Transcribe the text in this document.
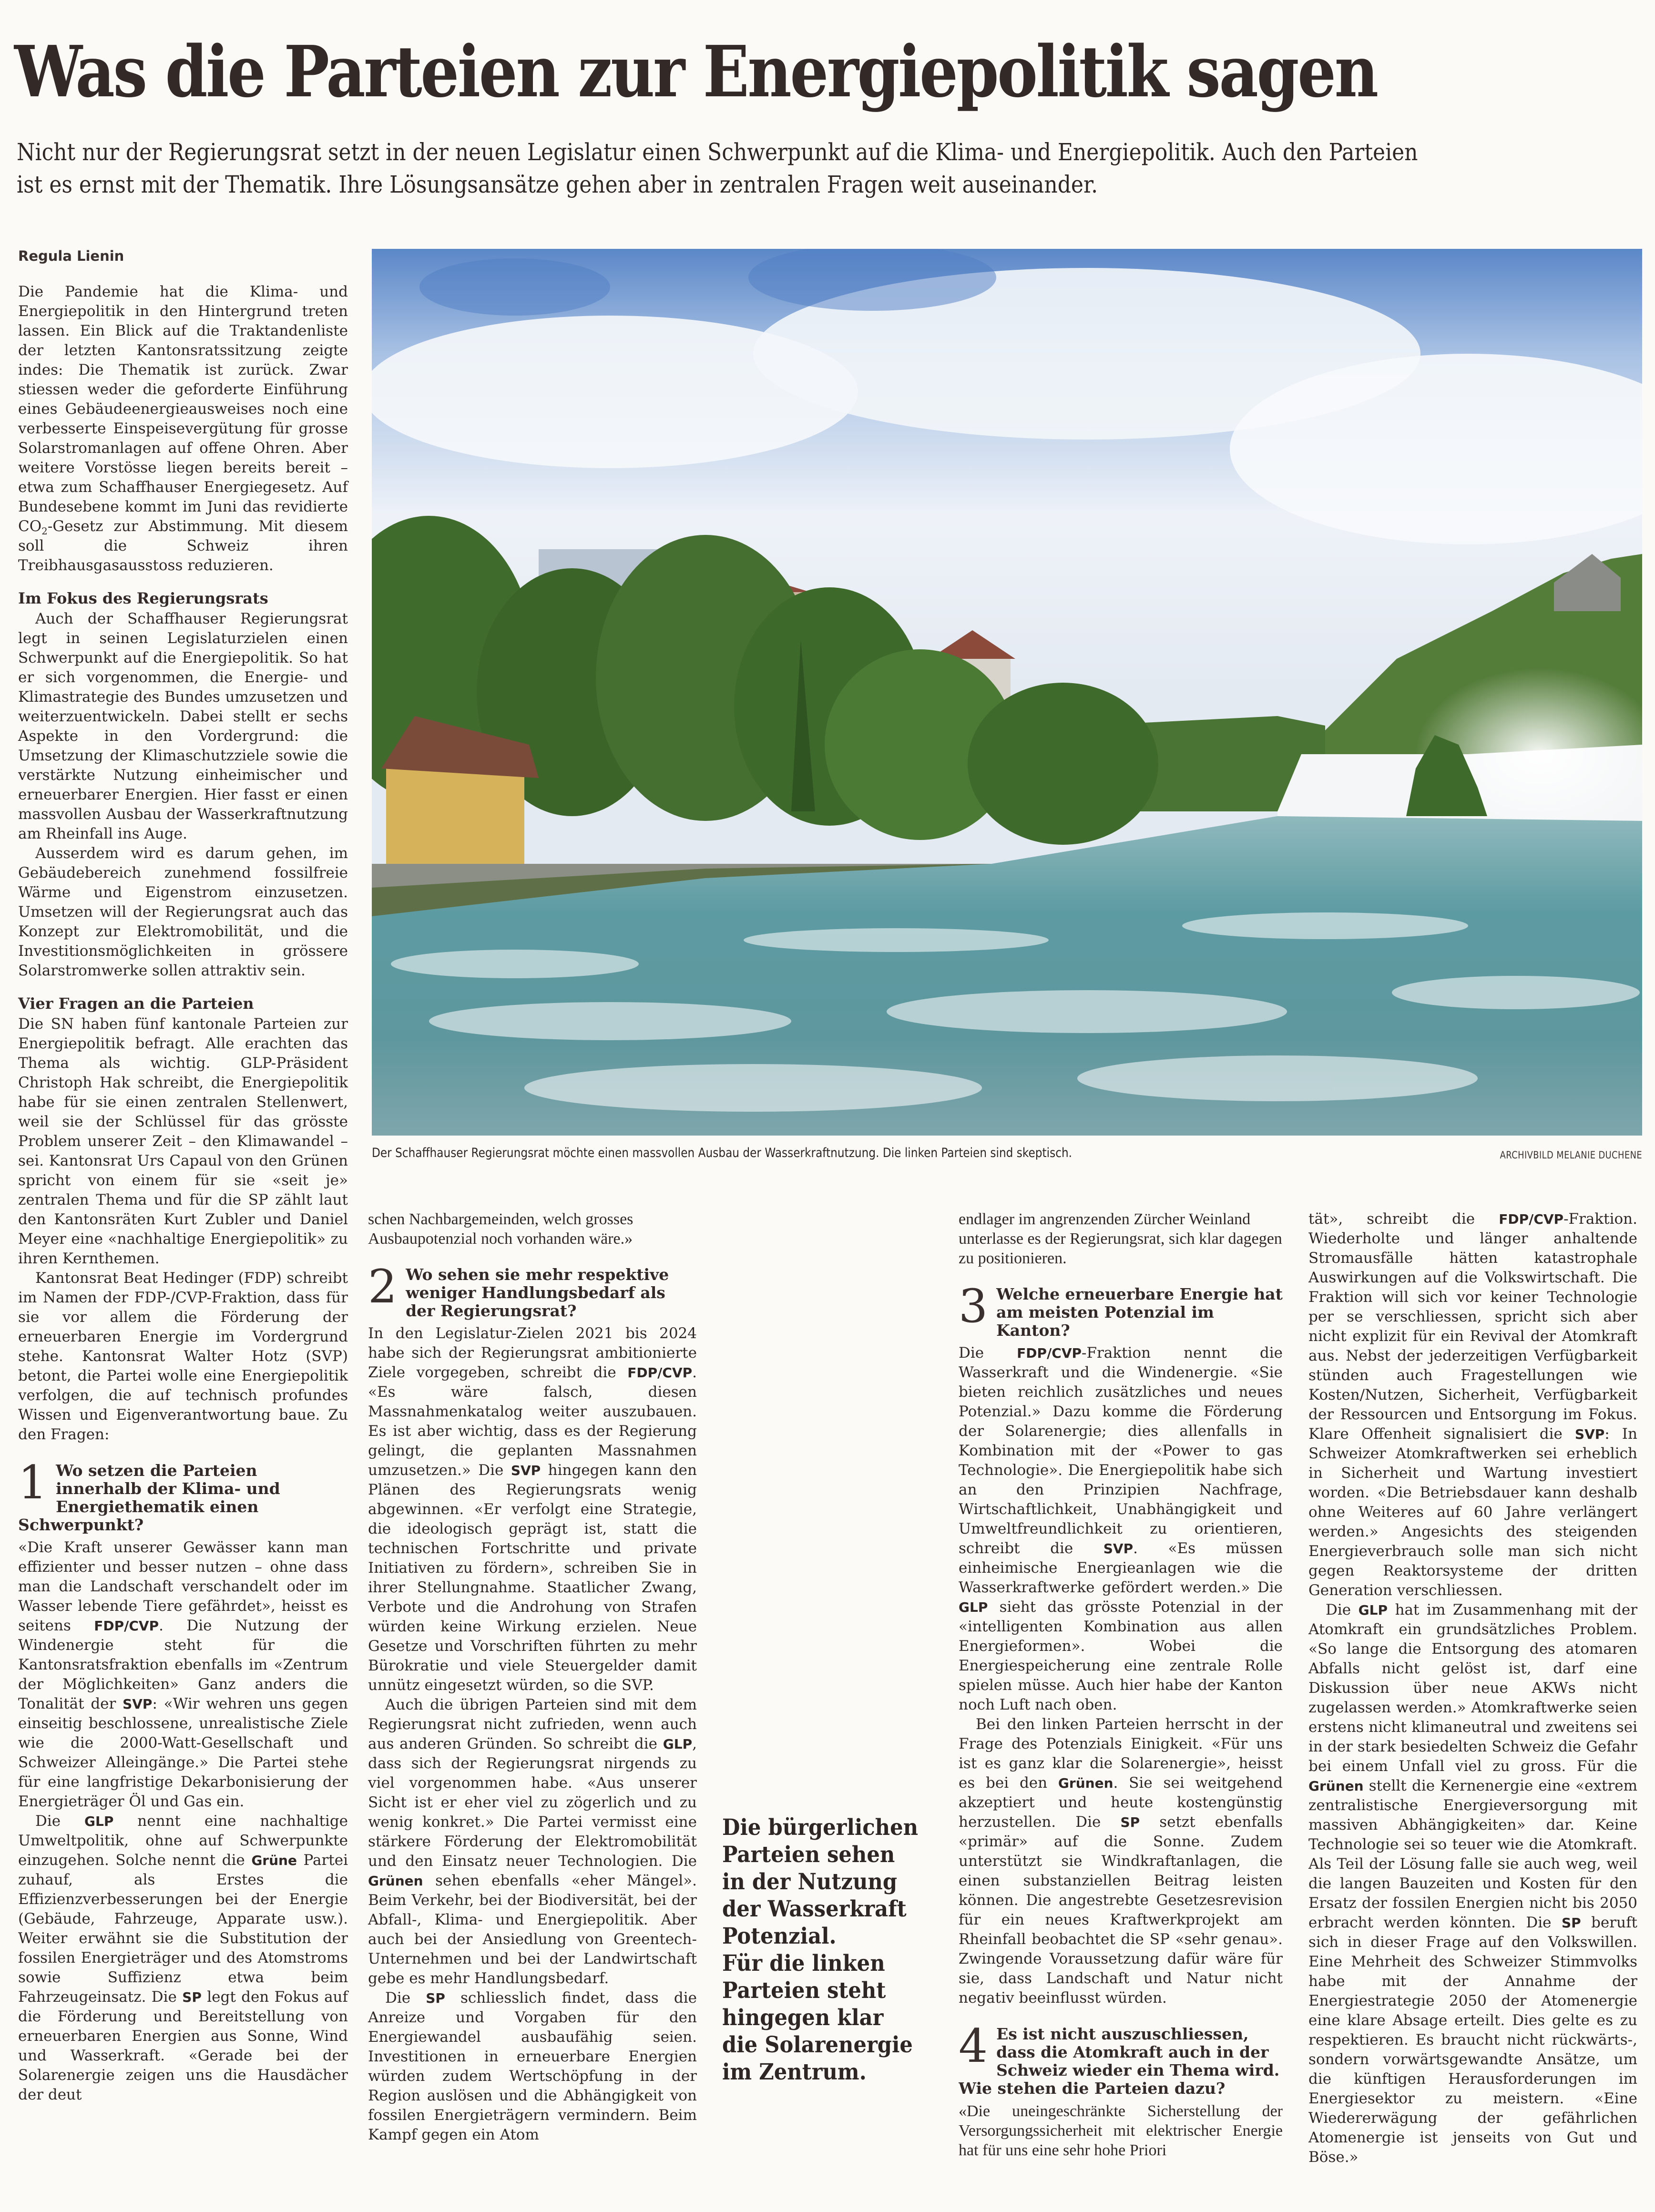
Was die Parteien zur Energiepolitik sagen

Nicht nur der Regierungsrat setzt in der neuen Legislatur einen Schwerpunkt auf die Klima- und Energiepolitik. Auch den Parteien

ist es ernst mit der Thematik. Ihre Lösungsansätze gehen aber in zentralen Fragen weit auseinander.

Regula Lienin

Die Pandemie hat die Klima- und Energiepolitik in den Hintergrund treten lassen. Ein Blick auf die Traktandenliste der letzten Kantonsratssitzung zeigte indes: Die Thematik ist zurück. Zwar stiessen weder die geforderte Einführung eines Gebäudeenergieausweises noch eine verbesserte Einspeisevergütung für grosse Solarstromanlagen auf offene Ohren. Aber weitere Vorstösse liegen bereits bereit – etwa zum Schaffhauser Energiegesetz. Auf Bundesebene kommt im Juni das revidierte $CO_2$-Gesetz zur Abstimmung. Mit diesem soll die Schweiz ihren Treibhausgasausstoss reduzieren.

Im Fokus des Regierungsrats

Auch der Schaffhauser Regierungsrat legt in seinen Legislaturzielen einen Schwerpunkt auf die Energiepolitik. So hat er sich vorgenommen, die Energie- und Klimastrategie des Bundes umzusetzen und weiterzuentwickeln. Dabei stellt er sechs Aspekte in den Vordergrund: die Umsetzung der Klimaschutzziele sowie die verstärkte Nutzung einheimischer und erneuerbarer Energien. Hier fasst er einen massvollen Ausbau der Wasserkraftnutzung am Rheinfall ins Auge.

Ausserdem wird es darum gehen, im Gebäudebereich zunehmend fossilfreie Wärme und Eigenstrom einzusetzen. Umsetzen will der Regierungsrat auch das Konzept zur Elektromobilität, und die Investitionsmöglichkeiten in grössere Solarstromwerke sollen attraktiv sein.

Vier Fragen an die Parteien

Die SN haben fünf kantonale Parteien zur Energiepolitik befragt. Alle erachten das Thema als wichtig. GLP-Präsident Christoph Hak schreibt, die Energiepolitik habe für sie einen zentralen Stellenwert, weil sie der Schlüssel für das grösste Problem unserer Zeit – den Klimawandel – sei. Kantonsrat Urs Capaul von den Grünen spricht von einem für sie «seit je» zentralen Thema und für die SP zählt laut den Kantonsräten Kurt Zubler und Daniel Meyer eine «nachhaltige Energiepolitik» zu ihren Kernthemen.

Kantonsrat Beat Hedinger (FDP) schreibt im Namen der FDP-/CVP-Fraktion, dass für sie vor allem die Förderung der erneuerbaren Energie im Vordergrund stehe. Kantonsrat Walter Hotz (SVP) betont, die Partei wolle eine Energiepolitik verfolgen, die auf technisch profundes Wissen und Eigenverantwortung baue. Zu den Fragen:

1 Wo setzen die Parteien innerhalb der Klima- und Energiethematik einen Schwerpunkt?

«Die Kraft unserer Gewässer kann man effizienter und besser nutzen – ohne dass man die Landschaft verschandelt oder im Wasser lebende Tiere gefährdet», heisst es seitens FDP/CVP. Die Nutzung der Windenergie steht für die Kantonsratsfraktion ebenfalls im «Zentrum der Möglichkeiten» Ganz anders die Tonalität der SVP: «Wir wehren uns gegen einseitig beschlossene, unrealistische Ziele wie die 2000-Watt-Gesellschaft und Schweizer Alleingänge.» Die Partei stehe für eine langfristige Dekarbonisierung der Energieträger Öl und Gas ein.

Die GLP nennt eine nachhaltige Umweltpolitik, ohne auf Schwerpunkte einzugehen. Solche nennt die Grüne Partei zuhauf, als Erstes die Effizienzverbesserungen bei der Energie (Gebäude, Fahrzeuge, Apparate usw.). Weiter erwähnt sie die Substitution der fossilen Energieträger und des Atomstroms sowie Suffizienz etwa beim Fahrzeugeinsatz. Die SP legt den Fokus auf die Förderung und Bereitstellung von erneuerbaren Energien aus Sonne, Wind und Wasserkraft. «Gerade bei der Solarenergie zeigen uns die Hausdächer der deut

Der Schaffhauser Regierungsrat möchte einen massvollen Ausbau der Wasserkraftnutzung. Die linken Parteien sind skeptisch.	ARCHIVBILD MELANIE DUCHENE

schen Nachbargemeinden, welch grosses Ausbaupotenzial noch vorhanden wäre.»

2 Wo sehen sie mehr respektive weniger Handlungsbedarf als der Regierungsrat?

In den Legislatur-Zielen 2021 bis 2024 habe sich der Regierungsrat ambitionierte Ziele vorgegeben, schreibt die FDP/CVP. «Es wäre falsch, diesen Massnahmenkatalog weiter auszubauen. Es ist aber wichtig, dass es der Regierung gelingt, die geplanten Massnahmen umzusetzen.» Die SVP hingegen kann den Plänen des Regierungsrats wenig abgewinnen. «Er verfolgt eine Strategie, die ideologisch geprägt ist, statt die technischen Fortschritte und private Initiativen zu fördern», schreiben Sie in ihrer Stellungnahme. Staatlicher Zwang, Verbote und die Androhung von Strafen würden keine Wirkung erzielen. Neue Gesetze und Vorschriften führten zu mehr Bürokratie und viele Steuergelder damit unnütz eingesetzt würden, so die SVP.

Auch die übrigen Parteien sind mit dem Regierungsrat nicht zufrieden, wenn auch aus anderen Gründen. So schreibt die GLP, dass sich der Regierungsrat nirgends zu viel vorgenommen habe. «Aus unserer Sicht ist er eher viel zu zögerlich und zu wenig konkret.» Die Partei vermisst eine stärkere Förderung der Elektromobilität und den Einsatz neuer Technologien. Die Grünen sehen ebenfalls «eher Mängel». Beim Verkehr, bei der Biodiversität, bei der Abfall-, Klima- und Energiepolitik. Aber auch bei der Ansiedlung von Greentech-Unternehmen und bei der Landwirtschaft gebe es mehr Handlungsbedarf.

Die SP schliesslich findet, dass die Anreize und Vorgaben für den Energiewandel ausbaufähig seien. Investitionen in erneuerbare Energien würden zudem Wertschöpfung in der Region auslösen und die Abhängigkeit von fossilen Energieträgern vermindern. Beim Kampf gegen ein Atom

Die bürgerlichen
Parteien sehen
in der Nutzung
der Wasserkraft
Potenzial.
Für die linken
Parteien steht
hingegen klar
die Solarenergie
im Zentrum.

endlager im angrenzenden Zürcher Weinland unterlasse es der Regierungsrat, sich klar dagegen zu positionieren.

3 Welche erneuerbare Energie hat am meisten Potenzial im Kanton?

Die FDP/CVP-Fraktion nennt die Wasserkraft und die Windenergie. «Sie bieten reichlich zusätzliches und neues Potenzial.» Dazu komme die Förderung der Solarenergie; dies allenfalls in Kombination mit der «Power to gas Technologie». Die Energiepolitik habe sich an den Prinzipien Nachfrage, Wirtschaftlichkeit, Unabhängigkeit und Umweltfreundlichkeit zu orientieren, schreibt die SVP. «Es müssen einheimische Energieanlagen wie die Wasserkraftwerke gefördert werden.» Die GLP sieht das grösste Potenzial in der «intelligenten Kombination aus allen Energieformen». Wobei die Energiespeicherung eine zentrale Rolle spielen müsse. Auch hier habe der Kanton noch Luft nach oben.

Bei den linken Parteien herrscht in der Frage des Potenzials Einigkeit. «Für uns ist es ganz klar die Solarenergie», heisst es bei den Grünen. Sie sei weitgehend akzeptiert und heute kostengünstig herzustellen. Die SP setzt ebenfalls «primär» auf die Sonne. Zudem unterstützt sie Windkraftanlagen, die einen substanziellen Beitrag leisten können. Die angestrebte Gesetzesrevision für ein neues Kraftwerkprojekt am Rheinfall beobachtet die SP «sehr genau». Zwingende Voraussetzung dafür wäre für sie, dass Landschaft und Natur nicht negativ beeinflusst würden.

4 Es ist nicht auszuschliessen, dass die Atomkraft auch in der Schweiz wieder ein Thema wird. Wie stehen die Parteien dazu?

«Die uneingeschränkte Sicherstellung der Versorgungssicherheit mit elektrischer Energie hat für uns eine sehr hohe Priori

tät», schreibt die FDP/CVP-Fraktion. Wiederholte und länger anhaltende Stromausfälle hätten katastrophale Auswirkungen auf die Volkswirtschaft. Die Fraktion will sich vor keiner Technologie per se verschliessen, spricht sich aber nicht explizit für ein Revival der Atomkraft aus. Nebst der jederzeitigen Verfügbarkeit stünden auch Fragestellungen wie Kosten/Nutzen, Sicherheit, Verfügbarkeit der Ressourcen und Entsorgung im Fokus. Klare Offenheit signalisiert die SVP: In Schweizer Atomkraftwerken sei erheblich in Sicherheit und Wartung investiert worden. «Die Betriebsdauer kann deshalb ohne Weiteres auf 60 Jahre verlängert werden.» Angesichts des steigenden Energieverbrauch solle man sich nicht gegen Reaktorsysteme der dritten Generation verschliessen.

Die GLP hat im Zusammenhang mit der Atomkraft ein grundsätzliches Problem. «So lange die Entsorgung des atomaren Abfalls nicht gelöst ist, darf eine Diskussion über neue AKWs nicht zugelassen werden.» Atomkraftwerke seien erstens nicht klimaneutral und zweitens sei in der stark besiedelten Schweiz die Gefahr bei einem Unfall viel zu gross. Für die Grünen stellt die Kernenergie eine «extrem zentralistische Energieversorgung mit massiven Abhängigkeiten» dar. Keine Technologie sei so teuer wie die Atomkraft. Als Teil der Lösung falle sie auch weg, weil die langen Bauzeiten und Kosten für den Ersatz der fossilen Energien nicht bis 2050 erbracht werden könnten. Die SP beruft sich in dieser Frage auf den Volkswillen. Eine Mehrheit des Schweizer Stimmvolks habe mit der Annahme der Energiestrategie 2050 der Atomenergie eine klare Absage erteilt. Dies gelte es zu respektieren. Es braucht nicht rückwärts-, sondern vorwärtsgewandte Ansätze, um die künftigen Herausforderungen im Energiesektor zu meistern. «Eine Wiedererwägung der gefährlichen Atomenergie ist jenseits von Gut und Böse.»
